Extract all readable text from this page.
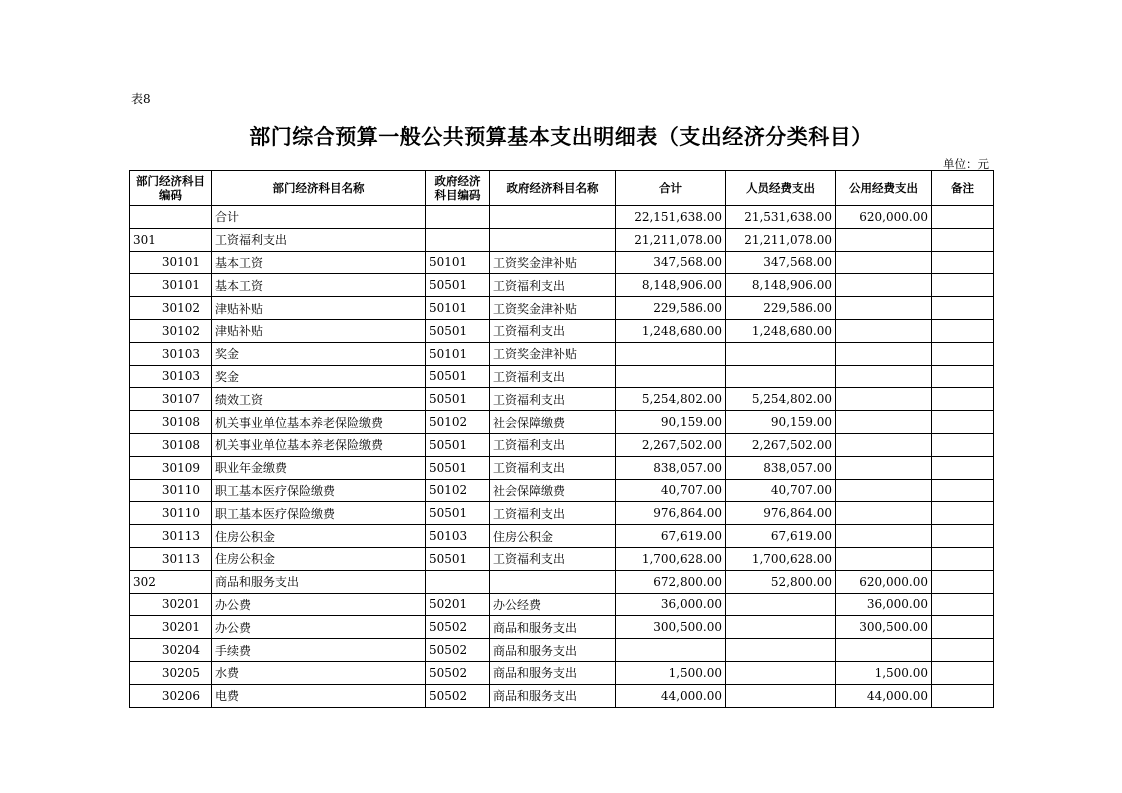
表8
部门综合预算一般公共预算基本支出明细表（支出经济分类科目）
单位：元
部门经济科目编码	部门经济科目名称	政府经济科目编码	政府经济科目名称	合计	人员经费支出	公用经费支出	备注
	合计			22,151,638.00	21,531,638.00	620,000.00	
301	工资福利支出			21,211,078.00	21,211,078.00		
30101	基本工资	50101	工资奖金津补贴	347,568.00	347,568.00		
30101	基本工资	50501	工资福利支出	8,148,906.00	8,148,906.00		
30102	津贴补贴	50101	工资奖金津补贴	229,586.00	229,586.00		
30102	津贴补贴	50501	工资福利支出	1,248,680.00	1,248,680.00		
30103	奖金	50101	工资奖金津补贴				
30103	奖金	50501	工资福利支出				
30107	绩效工资	50501	工资福利支出	5,254,802.00	5,254,802.00		
30108	机关事业单位基本养老保险缴费	50102	社会保障缴费	90,159.00	90,159.00		
30108	机关事业单位基本养老保险缴费	50501	工资福利支出	2,267,502.00	2,267,502.00		
30109	职业年金缴费	50501	工资福利支出	838,057.00	838,057.00		
30110	职工基本医疗保险缴费	50102	社会保障缴费	40,707.00	40,707.00		
30110	职工基本医疗保险缴费	50501	工资福利支出	976,864.00	976,864.00		
30113	住房公积金	50103	住房公积金	67,619.00	67,619.00		
30113	住房公积金	50501	工资福利支出	1,700,628.00	1,700,628.00		
302	商品和服务支出			672,800.00	52,800.00	620,000.00	
30201	办公费	50201	办公经费	36,000.00		36,000.00	
30201	办公费	50502	商品和服务支出	300,500.00		300,500.00	
30204	手续费	50502	商品和服务支出				
30205	水费	50502	商品和服务支出	1,500.00		1,500.00	
30206	电费	50502	商品和服务支出	44,000.00		44,000.00	
